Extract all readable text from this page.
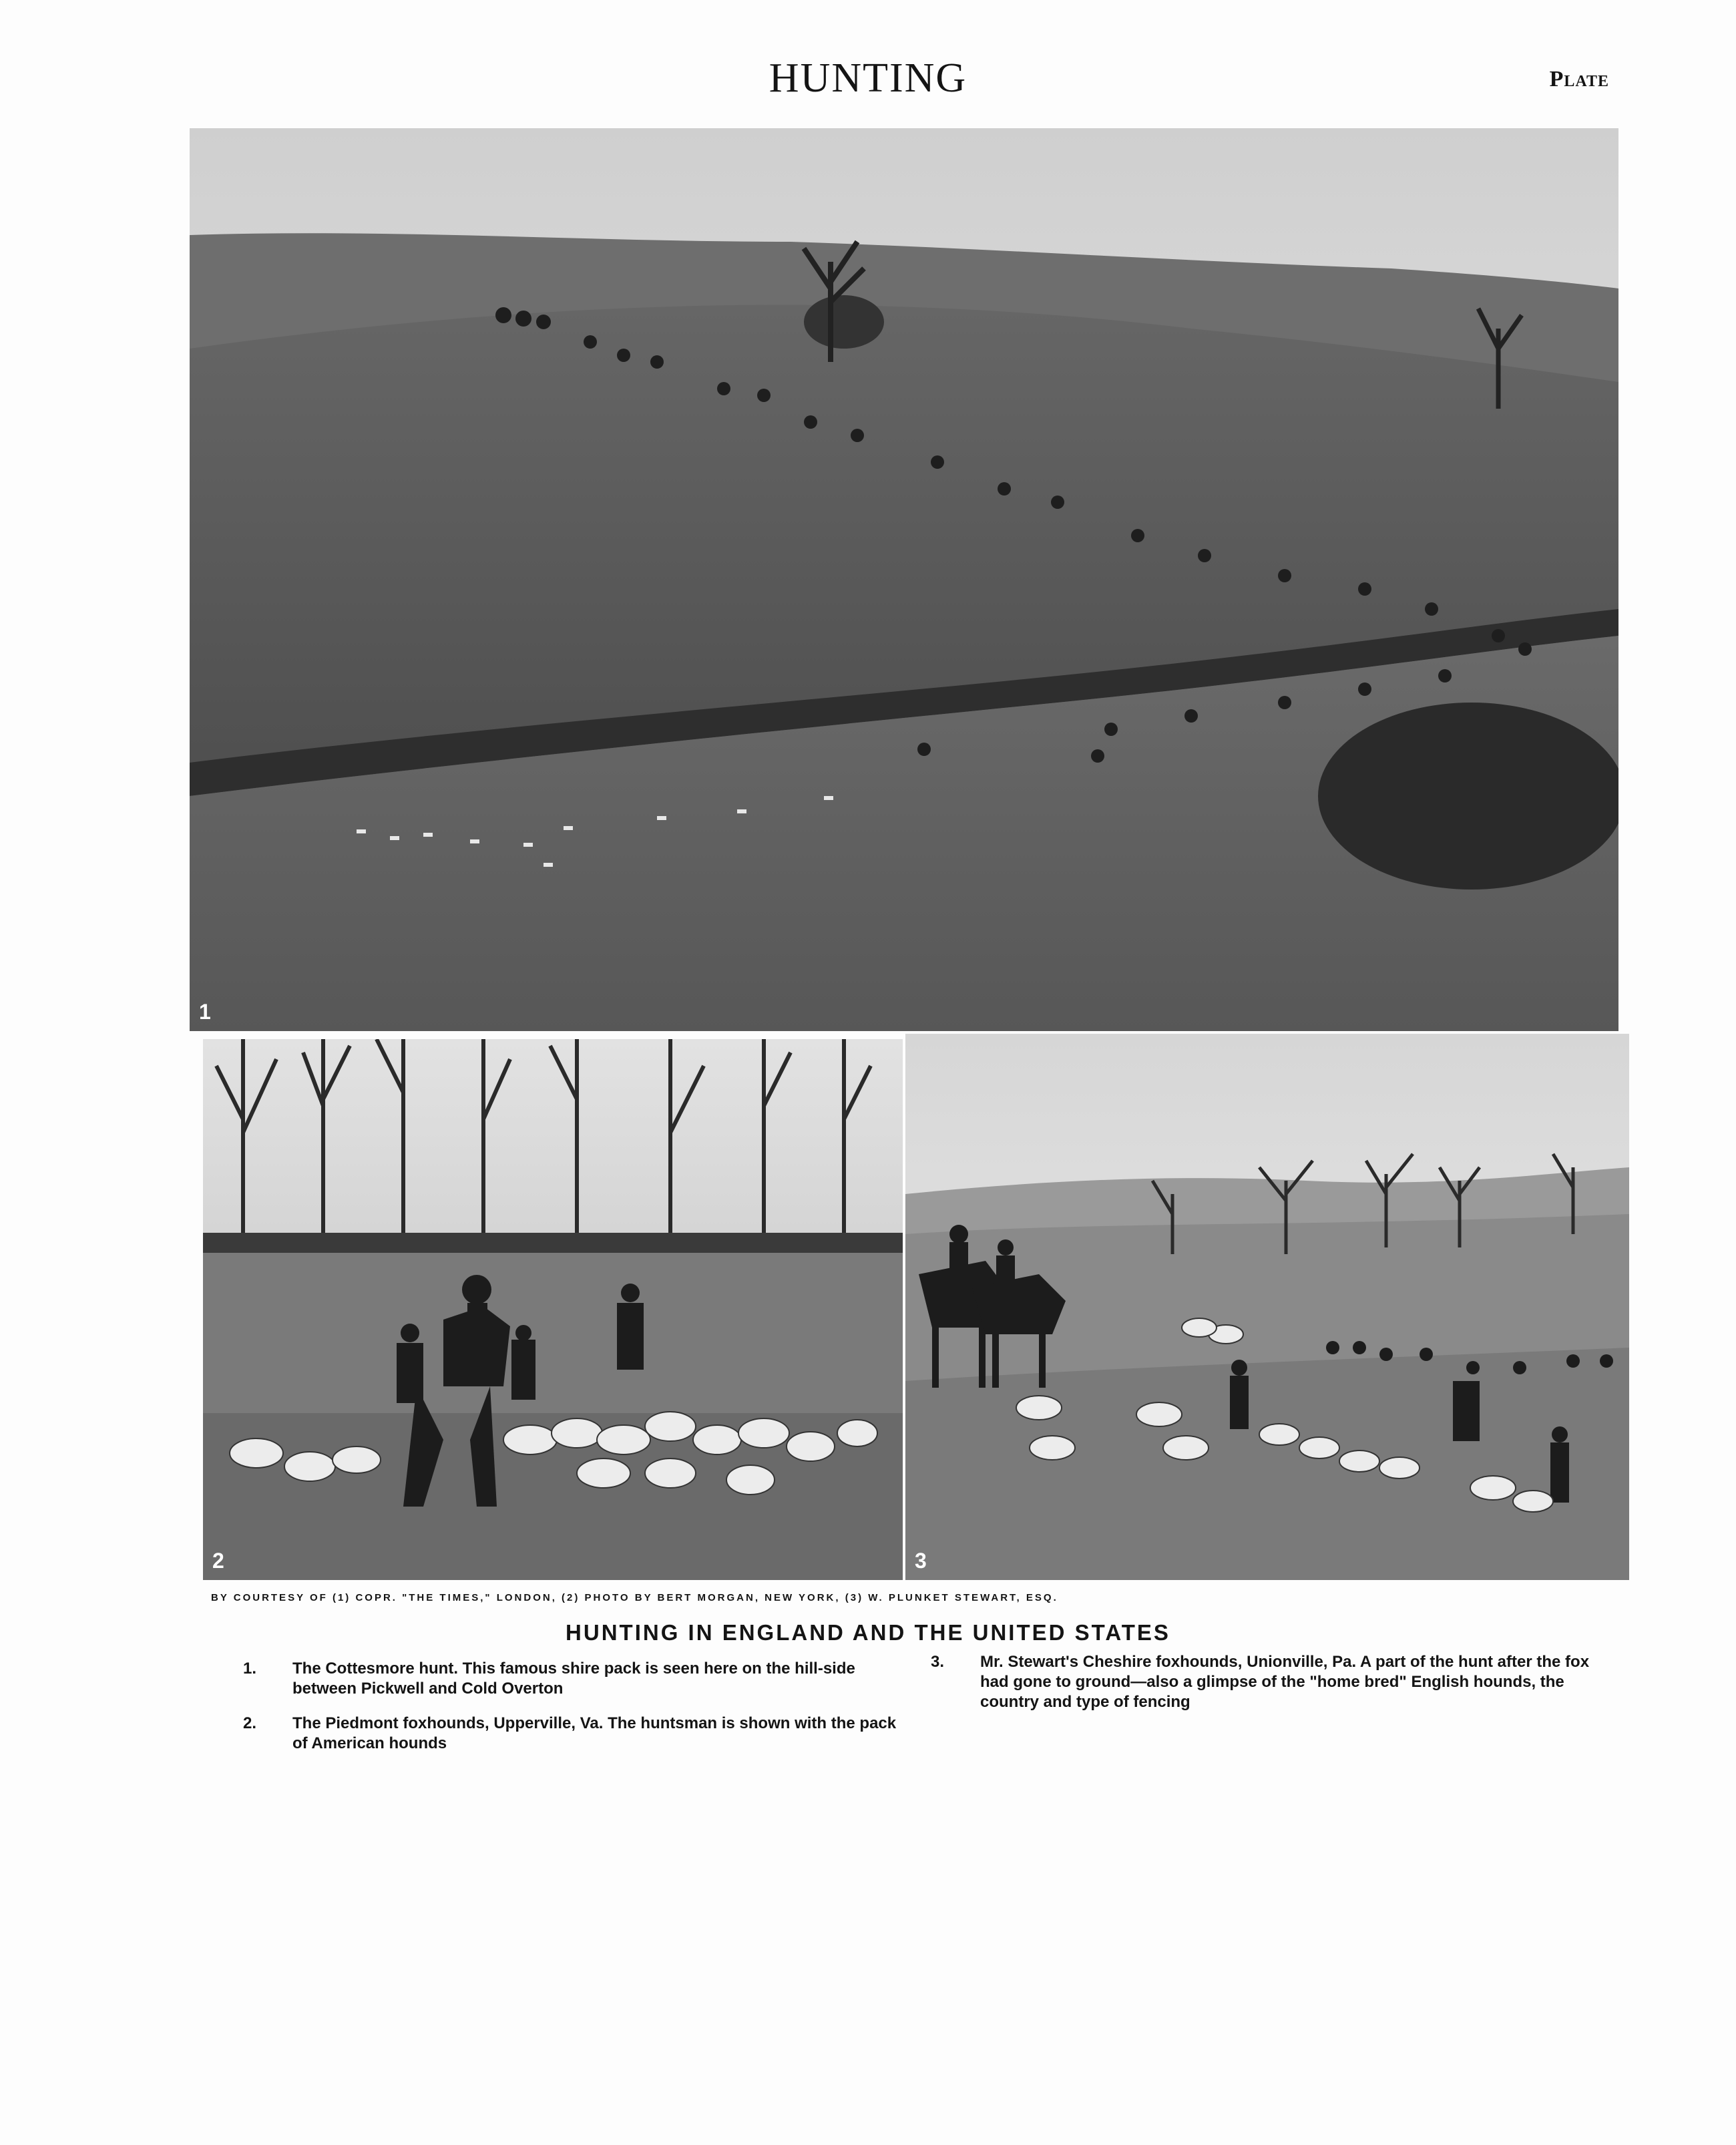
HUNTING	Plate
1
2	3
BY COURTESY OF (1) COPR. "THE TIMES," LONDON, (2) PHOTO BY BERT MORGAN, NEW YORK, (3) W. PLUNKET STEWART, ESQ.
HUNTING IN ENGLAND AND THE UNITED STATES
1.	The Cottesmore hunt. This famous shire pack is seen here on the hill-side between Pickwell and Cold Overton
2.	The Piedmont foxhounds, Upperville, Va. The huntsman is shown with the pack of American hounds
3.	Mr. Stewart's Cheshire foxhounds, Unionville, Pa. A part of the hunt after the fox had gone to ground—also a glimpse of the "home bred" English hounds, the country and type of fencing
